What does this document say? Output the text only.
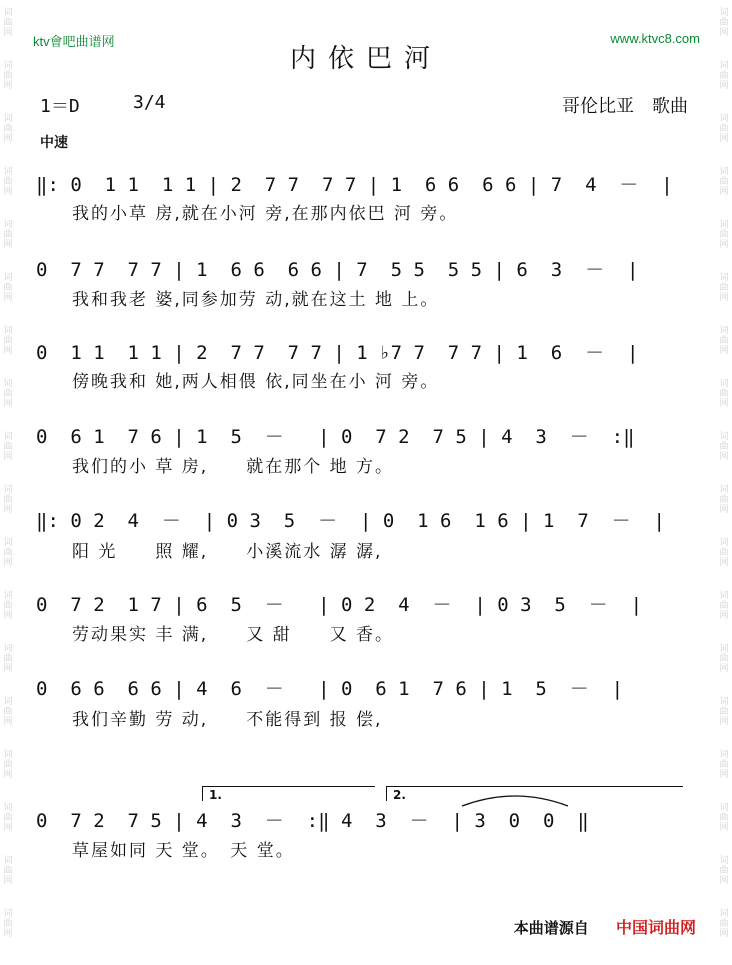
词曲网
词曲网
词曲网
词曲网
词曲网
词曲网
词曲网
词曲网
词曲网
词曲网
词曲网
词曲网
词曲网
词曲网
词曲网
词曲网
词曲网
词曲网
词曲网
词曲网
词曲网
词曲网
词曲网
词曲网
词曲网
词曲网
词曲网
词曲网
词曲网
词曲网
词曲网
词曲网
词曲网
词曲网
词曲网
词曲网
ktv會吧曲谱网	www.ktvc8.com
内依巴河
1＝D	3/4	哥伦比亚　歌曲
中速
‖: 0  1 1  1 1 | 2  7 7  7 7 | 1  6 6  6 6 | 7  4  －  |
我的小草 房,就在小河 旁,在那内依巴 河 旁。
0  7 7  7 7 | 1  6 6  6 6 | 7  5 5  5 5 | 6  3  －  |
我和我老 婆,同参加劳 动,就在这土 地 上。
0  1 1  1 1 | 2  7 7  7 7 | 1 ♭7 7  7 7 | 1  6  －  |
傍晚我和 她,两人相偎 依,同坐在小 河 旁。
0  6 1  7 6 | 1  5  －   | 0  7 2  7 5 | 4  3  －  :‖
我们的小 草 房,　　就在那个 地 方。
‖: 0 2  4  －  | 0 3  5  －  | 0  1 6  1 6 | 1  7  －  |
阳 光　　照 耀,　　小溪流水 潺 潺,
0  7 2  1 7 | 6  5  －   | 0 2  4  －  | 0 3  5  －  |
劳动果实 丰 满,　　又 甜　　又 香。
0  6 6  6 6 | 4  6  －   | 0  6 1  7 6 | 1  5  －  |
我们辛勤 劳 动,　　不能得到 报 偿,
1.	2.
0  7 2  7 5 | 4  3  －  :‖ 4  3  －  | 3  0  0  ‖
草屋如同 天 堂。　天 堂。
本曲谱源自 中国词曲网
